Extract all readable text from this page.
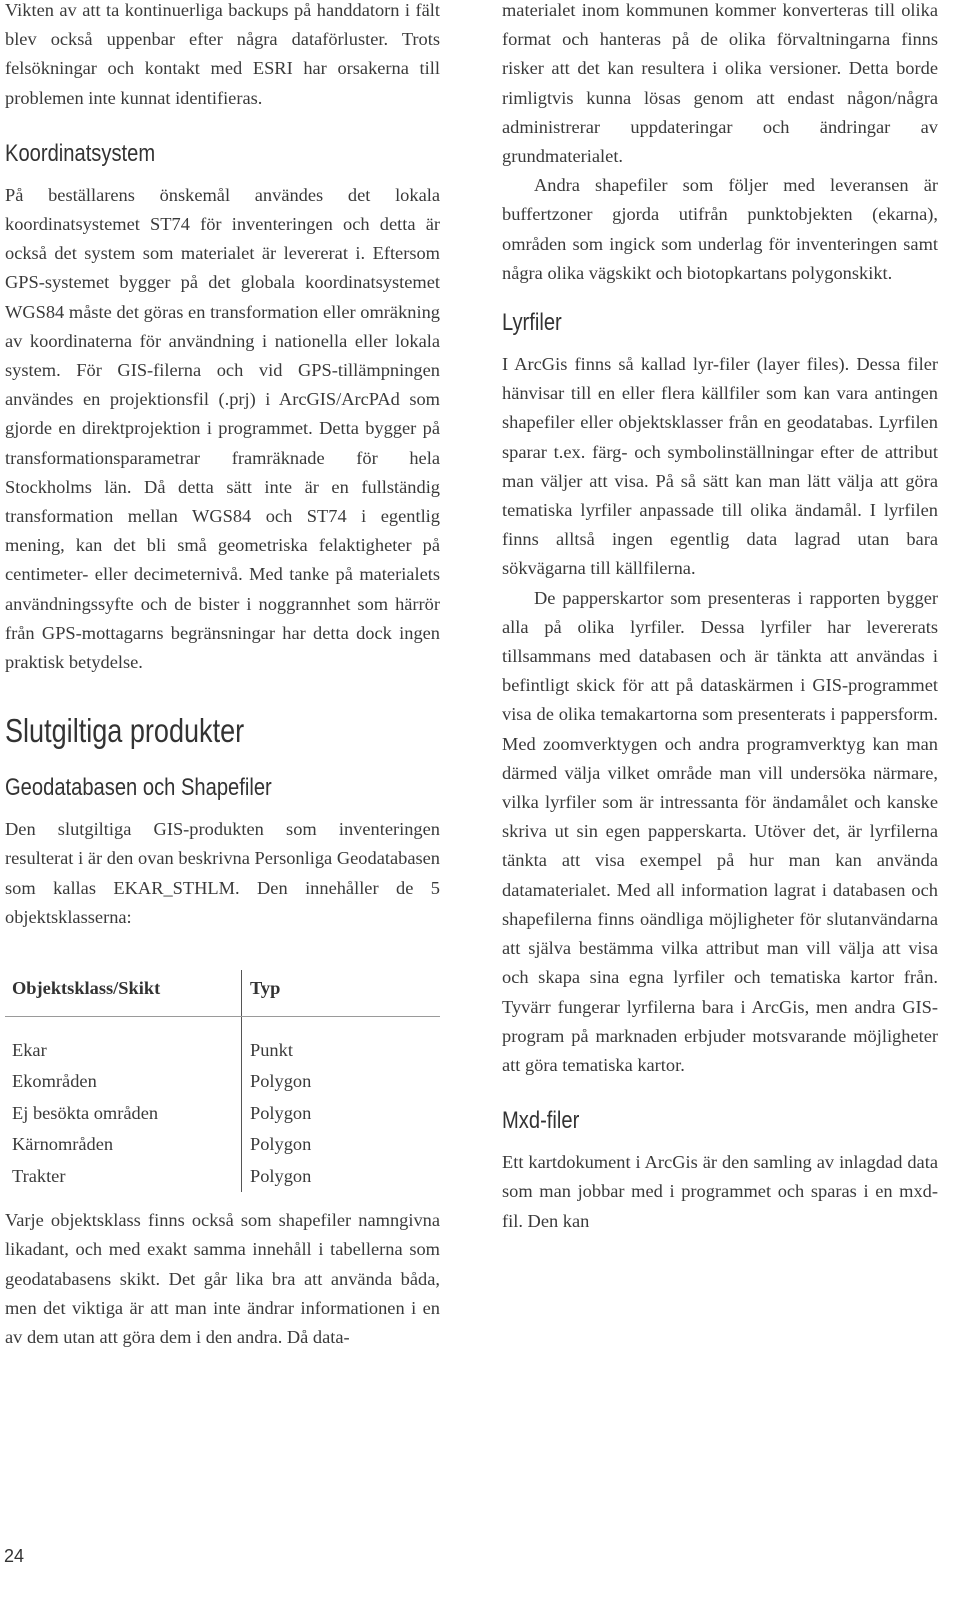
Vikten av att ta kontinuerliga backups på handdatorn i fält blev också uppenbar efter några dataförluster. Trots felsökningar och kontakt med ESRI har orsakerna till problemen inte kunnat identifieras.

Koordinatsystem

På beställarens önskemål användes det lokala koordinatsystemet ST74 för inventeringen och detta är också det system som materialet är levererat i. Eftersom GPS-systemet bygger på det globala koordinatsystemet WGS84 måste det göras en transformation eller omräkning av koordinaterna för användning i nationella eller lokala system. För GIS-filerna och vid GPS-tillämpningen användes en projektionsfil (.prj) i ArcGIS/ArcPAd som gjorde en direktprojektion i programmet. Detta bygger på transformationsparametrar framräknade för hela Stockholms län. Då detta sätt inte är en fullständig transformation mellan WGS84 och ST74 i egentlig mening, kan det bli små geometriska felaktigheter på centimeter- eller decimeternivå. Med tanke på materialets användningssyfte och de bister i noggrannhet som härrör från GPS-mottagarns begränsningar har detta dock ingen praktisk betydelse.

Slutgiltiga produkter
Geodatabasen och Shapefiler

Den slutgiltiga GIS-produkten som inventeringen resulterat i är den ovan beskrivna Personliga Geodatabasen som kallas EKAR_STHLM. Den innehåller de 5 objektsklasserna:

Objektsklass/Skikt	Typ

Ekar	Punkt
Ekområden	Polygon
Ej besökta områden	Polygon
Kärnområden	Polygon
Trakter	Polygon

Varje objektsklass finns också som shapefiler namngivna likadant, och med exakt samma innehåll i tabellerna som geodatabasens skikt. Det går lika bra att använda båda, men det viktiga är att man inte ändrar informationen i en av dem utan att göra dem i den andra. Då data-

materialet inom kommunen kommer konverteras till olika format och hanteras på de olika förvaltningarna finns risker att det kan resultera i olika versioner. Detta borde rimligtvis kunna lösas genom att endast någon/några administrerar uppdateringar och ändringar av grundmaterialet.

Andra shapefiler som följer med leveransen är buffertzoner gjorda utifrån punktobjekten (ekarna), områden som ingick som underlag för inventeringen samt några olika vägskikt och biotopkartans polygonskikt.

Lyrfiler

I ArcGis finns så kallad lyr-filer (layer files). Dessa filer hänvisar till en eller flera källfiler som kan vara antingen shapefiler eller objektsklasser från en geodatabas. Lyrfilen sparar t.ex. färg- och symbolinställningar efter de attribut man väljer att visa. På så sätt kan man lätt välja att göra tematiska lyrfiler anpassade till olika ändamål. I lyrfilen finns alltså ingen egentlig data lagrad utan bara sökvägarna till källfilerna.

De papperskartor som presenteras i rapporten bygger alla på olika lyrfiler. Dessa lyrfiler har levererats tillsammans med databasen och är tänkta att användas i befintligt skick för att på dataskärmen i GIS-programmet visa de olika temakartorna som presenterats i pappersform. Med zoomverktygen och andra programverktyg kan man därmed välja vilket område man vill undersöka närmare, vilka lyrfiler som är intressanta för ändamålet och kanske skriva ut sin egen papperskarta. Utöver det, är lyrfilerna tänkta att visa exempel på hur man kan använda datamaterialet. Med all information lagrat i databasen och shapefilerna finns oändliga möjligheter för slutanvändarna att själva bestämma vilka attribut man vill välja att visa och skapa sina egna lyrfiler och tematiska kartor från. Tyvärr fungerar lyrfilerna bara i ArcGis, men andra GIS-program på marknaden erbjuder motsvarande möjligheter att göra tematiska kartor.

Mxd-filer

Ett kartdokument i ArcGis är den samling av inlagdad data som man jobbar med i programmet och sparas i en mxd-fil. Den kan

24
